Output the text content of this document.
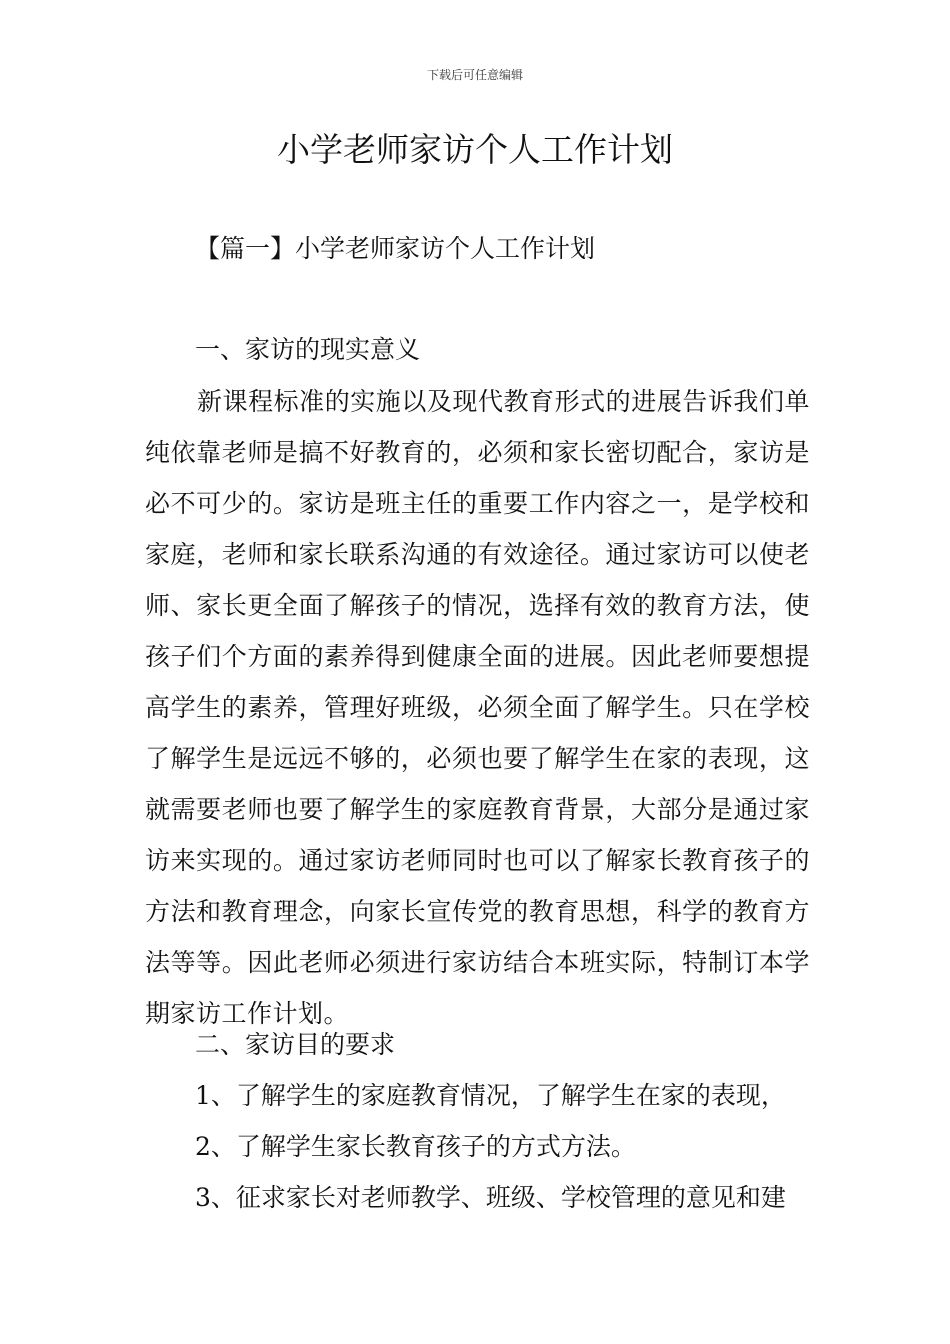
下载后可任意编辑
小学老师家访个人工作计划
【篇一】小学老师家访个人工作计划
一、家访的现实意义

新课程标准的实施以及现代教育形式的进展告诉我们单纯依靠老师是搞不好教育的，必须和家长密切配合，家访是必不可少的。家访是班主任的重要工作内容之一，是学校和家庭，老师和家长联系沟通的有效途径。通过家访可以使老师、家长更全面了解孩子的情况，选择有效的教育方法，使孩子们个方面的素养得到健康全面的进展。因此老师要想提高学生的素养，管理好班级，必须全面了解学生。只在学校了解学生是远远不够的，必须也要了解学生在家的表现，这就需要老师也要了解学生的家庭教育背景，大部分是通过家访来实现的。通过家访老师同时也可以了解家长教育孩子的方法和教育理念，向家长宣传党的教育思想，科学的教育方法等等。因此老师必须进行家访结合本班实际，特制订本学期家访工作计划。

二、家访目的要求
1、了解学生的家庭教育情况，了解学生在家的表现，
2、了解学生家长教育孩子的方式方法。
3、征求家长对老师教学、班级、学校管理的意见和建
